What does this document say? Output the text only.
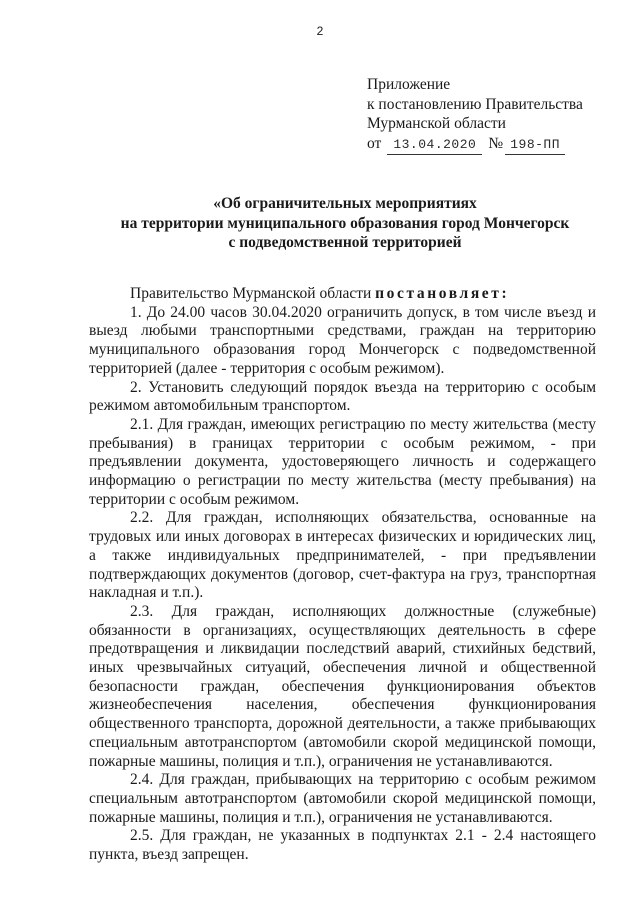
2
Приложение
к постановлению Правительства
Мурманской области
от 13.04.2020 № 198-ПП
«Об ограничительных мероприятиях
на территории муниципального образования город Мончегорск
с подведомственной территорией

Правительство Мурманской области постановляет:

1. До 24.00 часов 30.04.2020 ограничить допуск, в том числе въезд и выезд любыми транспортными средствами, граждан на территорию муниципального образования город Мончегорск с подведомственной территорией (далее - территория с особым режимом).

2. Установить следующий порядок въезда на территорию с особым режимом автомобильным транспортом.

2.1. Для граждан, имеющих регистрацию по месту жительства (месту пребывания) в границах территории с особым режимом, - при предъявлении документа, удостоверяющего личность и содержащего информацию о регистрации по месту жительства (месту пребывания) на территории с особым режимом.

2.2. Для граждан, исполняющих обязательства, основанные на трудовых или иных договорах в интересах физических и юридических лиц, а также индивидуальных предпринимателей, - при предъявлении подтверждающих документов (договор, счет-фактура на груз, транспортная накладная и т.п.).

2.3. Для граждан, исполняющих должностные (служебные) обязанности в организациях, осуществляющих деятельность в сфере предотвращения и ликвидации последствий аварий, стихийных бедствий, иных чрезвычайных ситуаций, обеспечения личной и общественной безопасности граждан, обеспечения функционирования объектов жизнеобеспечения населения, обеспечения функционирования общественного транспорта, дорожной деятельности, а также прибывающих специальным автотранспортом (автомобили скорой медицинской помощи, пожарные машины, полиция и т.п.), ограничения не устанавливаются.

2.4. Для граждан, прибывающих на территорию с особым режимом специальным автотранспортом (автомобили скорой медицинской помощи, пожарные машины, полиция и т.п.), ограничения не устанавливаются.

2.5. Для граждан, не указанных в подпунктах 2.1 - 2.4 настоящего пункта, въезд запрещен.
